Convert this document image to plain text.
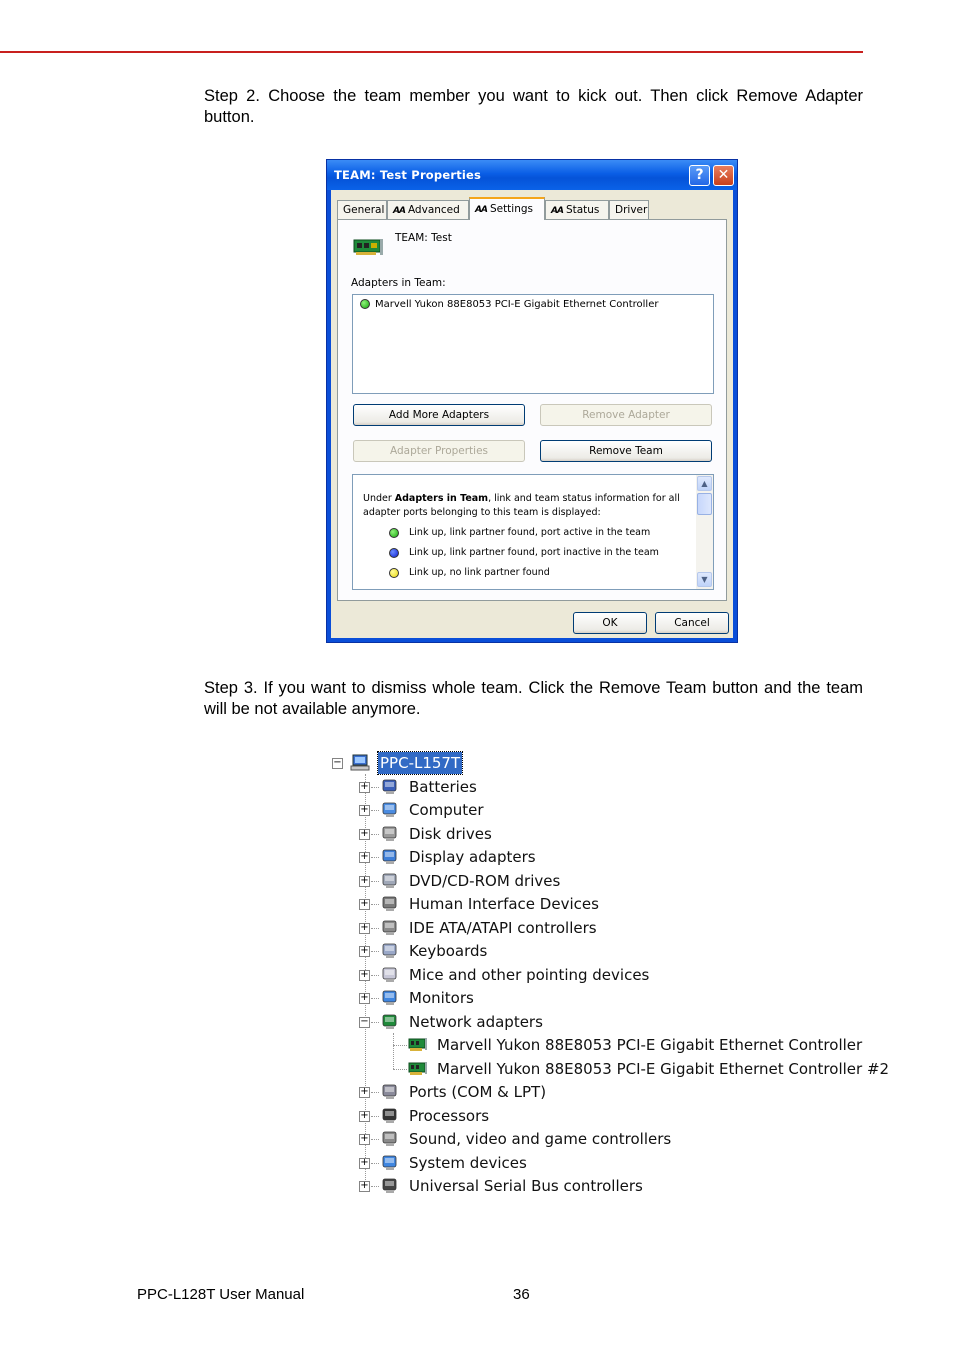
Step 2. Choose the team member you want to kick out. Then click Remove Adapter button.
TEAM: Test Properties	?	✕
General AA Advanced	AA Settings	AA Status	Driver
TEAM: Test
Adapters in Team:
Marvell Yukon 88E8053 PCI-E Gigabit Ethernet Controller
Add More Adapters	Remove Adapter
Adapter Properties	Remove Team
Under Adapters in Team, link and team status information for all adapter ports belonging to this team is displayed:
Link up, link partner found, port active in the team
Link up, link partner found, port inactive in the team
Link up, no link partner found
▲
▼
OK	Cancel
Step 3. If you want to dismiss whole team. Click the Remove Team button and the team will be not available anymore.
−	PPC-L157T
+	Batteries
+	Computer
+	Disk drives
+	Display adapters
+	DVD/CD-ROM drives
+	Human Interface Devices
+	IDE ATA/ATAPI controllers
+	Keyboards
+	Mice and other pointing devices
+	Monitors
−	Network adapters
Marvell Yukon 88E8053 PCI-E Gigabit Ethernet Controller
Marvell Yukon 88E8053 PCI-E Gigabit Ethernet Controller #2
+	Ports (COM & LPT)
+	Processors
+	Sound, video and game controllers
+	System devices
+	Universal Serial Bus controllers
PPC-L128T User Manual	36
